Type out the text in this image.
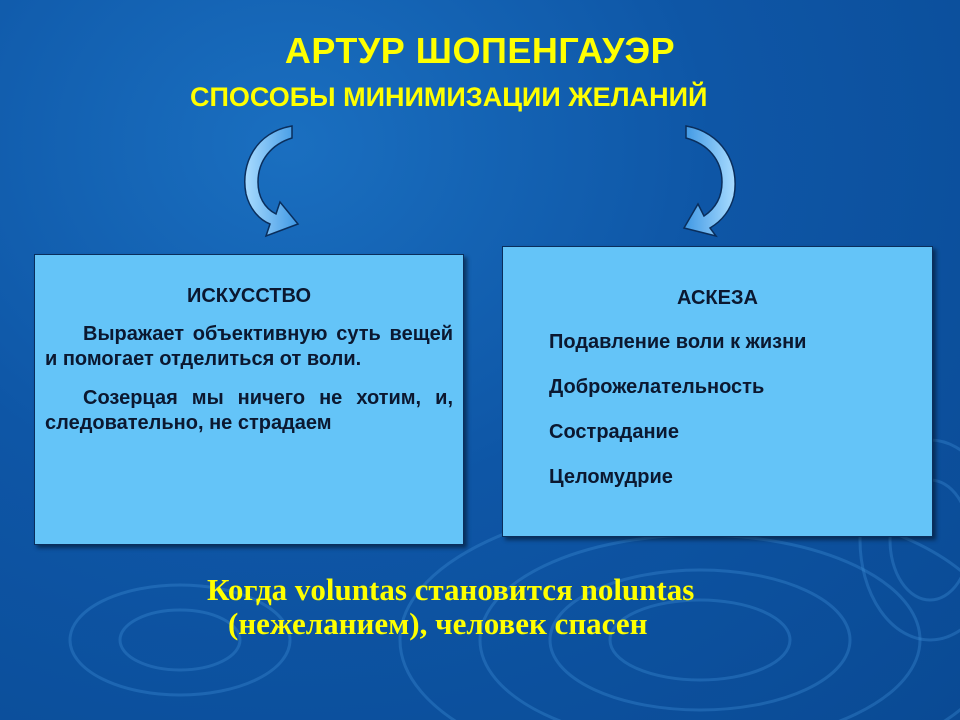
АРТУР ШОПЕНГАУЭР
СПОСОБЫ МИНИМИЗАЦИИ ЖЕЛАНИЙ
ИСКУССТВО

Выражает объективную суть вещей и помогает отделиться от воли.

Созерцая мы ничего не хотим, и, следовательно, не страдаем

АСКЕЗА
Подавление воли к жизни
Доброжелательность
Сострадание
Целомудрие
Когда voluntas становится noluntas
(нежеланием), человек спасен
